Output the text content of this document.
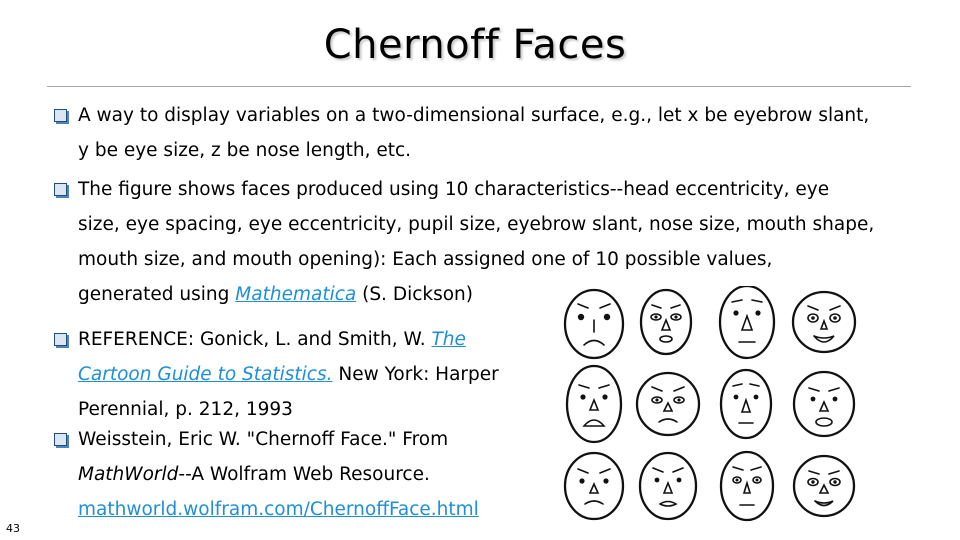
Chernoff Faces
A way to display variables on a two-dimensional surface, e.g., let x be eyebrow slant,
y be eye size, z be nose length, etc.
The figure shows faces produced using 10 characteristics--head eccentricity, eye
size, eye spacing, eye eccentricity, pupil size, eyebrow slant, nose size, mouth shape,
mouth size, and mouth opening): Each assigned one of 10 possible values,
generated using Mathematica (S. Dickson)
REFERENCE: Gonick, L. and Smith, W. The
Cartoon Guide to Statistics. New York: Harper
Perennial, p. 212, 1993
Weisstein, Eric W. "Chernoff Face." From
MathWorld--A Wolfram Web Resource.
mathworld.wolfram.com/ChernoffFace.html
43
